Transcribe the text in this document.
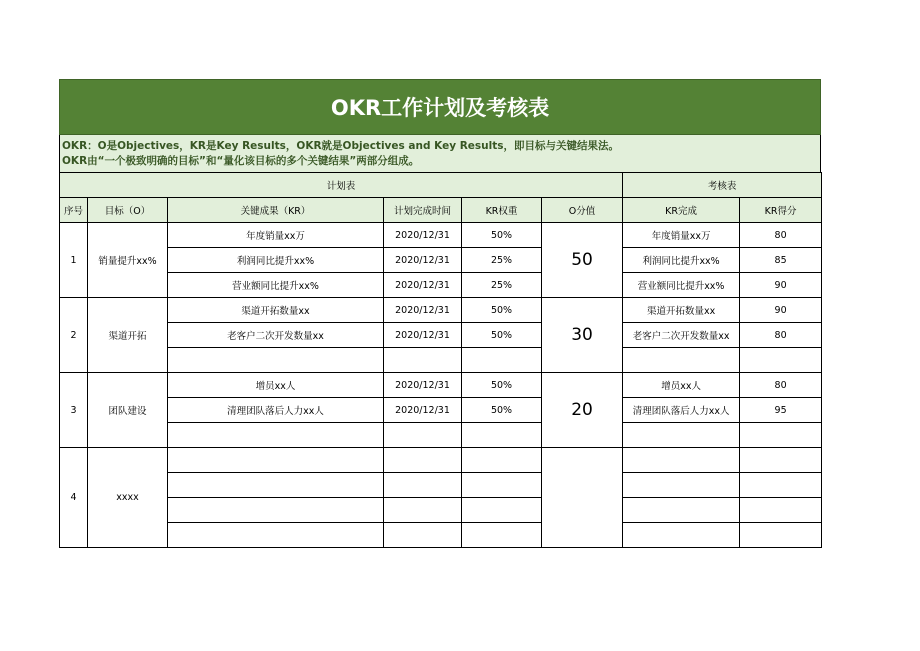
OKR工作计划及考核表
OKR：O是Objectives，KR是Key Results，OKR就是Objectives and Key Results，即目标与关键结果法。
OKR由“一个极致明确的目标”和“量化该目标的多个关键结果”两部分组成。
计划表						考核表	
序号	目标（O）	关键成果（KR）	计划完成时间	KR权重	O分值	KR完成	KR得分
1	销量提升xx%	年度销量xx万	2020/12/31	50%	50	年度销量xx万	80
		利润同比提升xx%	2020/12/31	25%		利润同比提升xx%	85
		营业额同比提升xx%	2020/12/31	25%		营业额同比提升xx%	90
2	渠道开拓	渠道开拓数量xx	2020/12/31	50%	30	渠道开拓数量xx	90
		老客户二次开发数量xx	2020/12/31	50%		老客户二次开发数量xx	80

3	团队建设	增员xx人	2020/12/31	50%	20	增员xx人	80
		清理团队落后人力xx人	2020/12/31	50%		清理团队落后人力xx人	95

4	xxxx						
